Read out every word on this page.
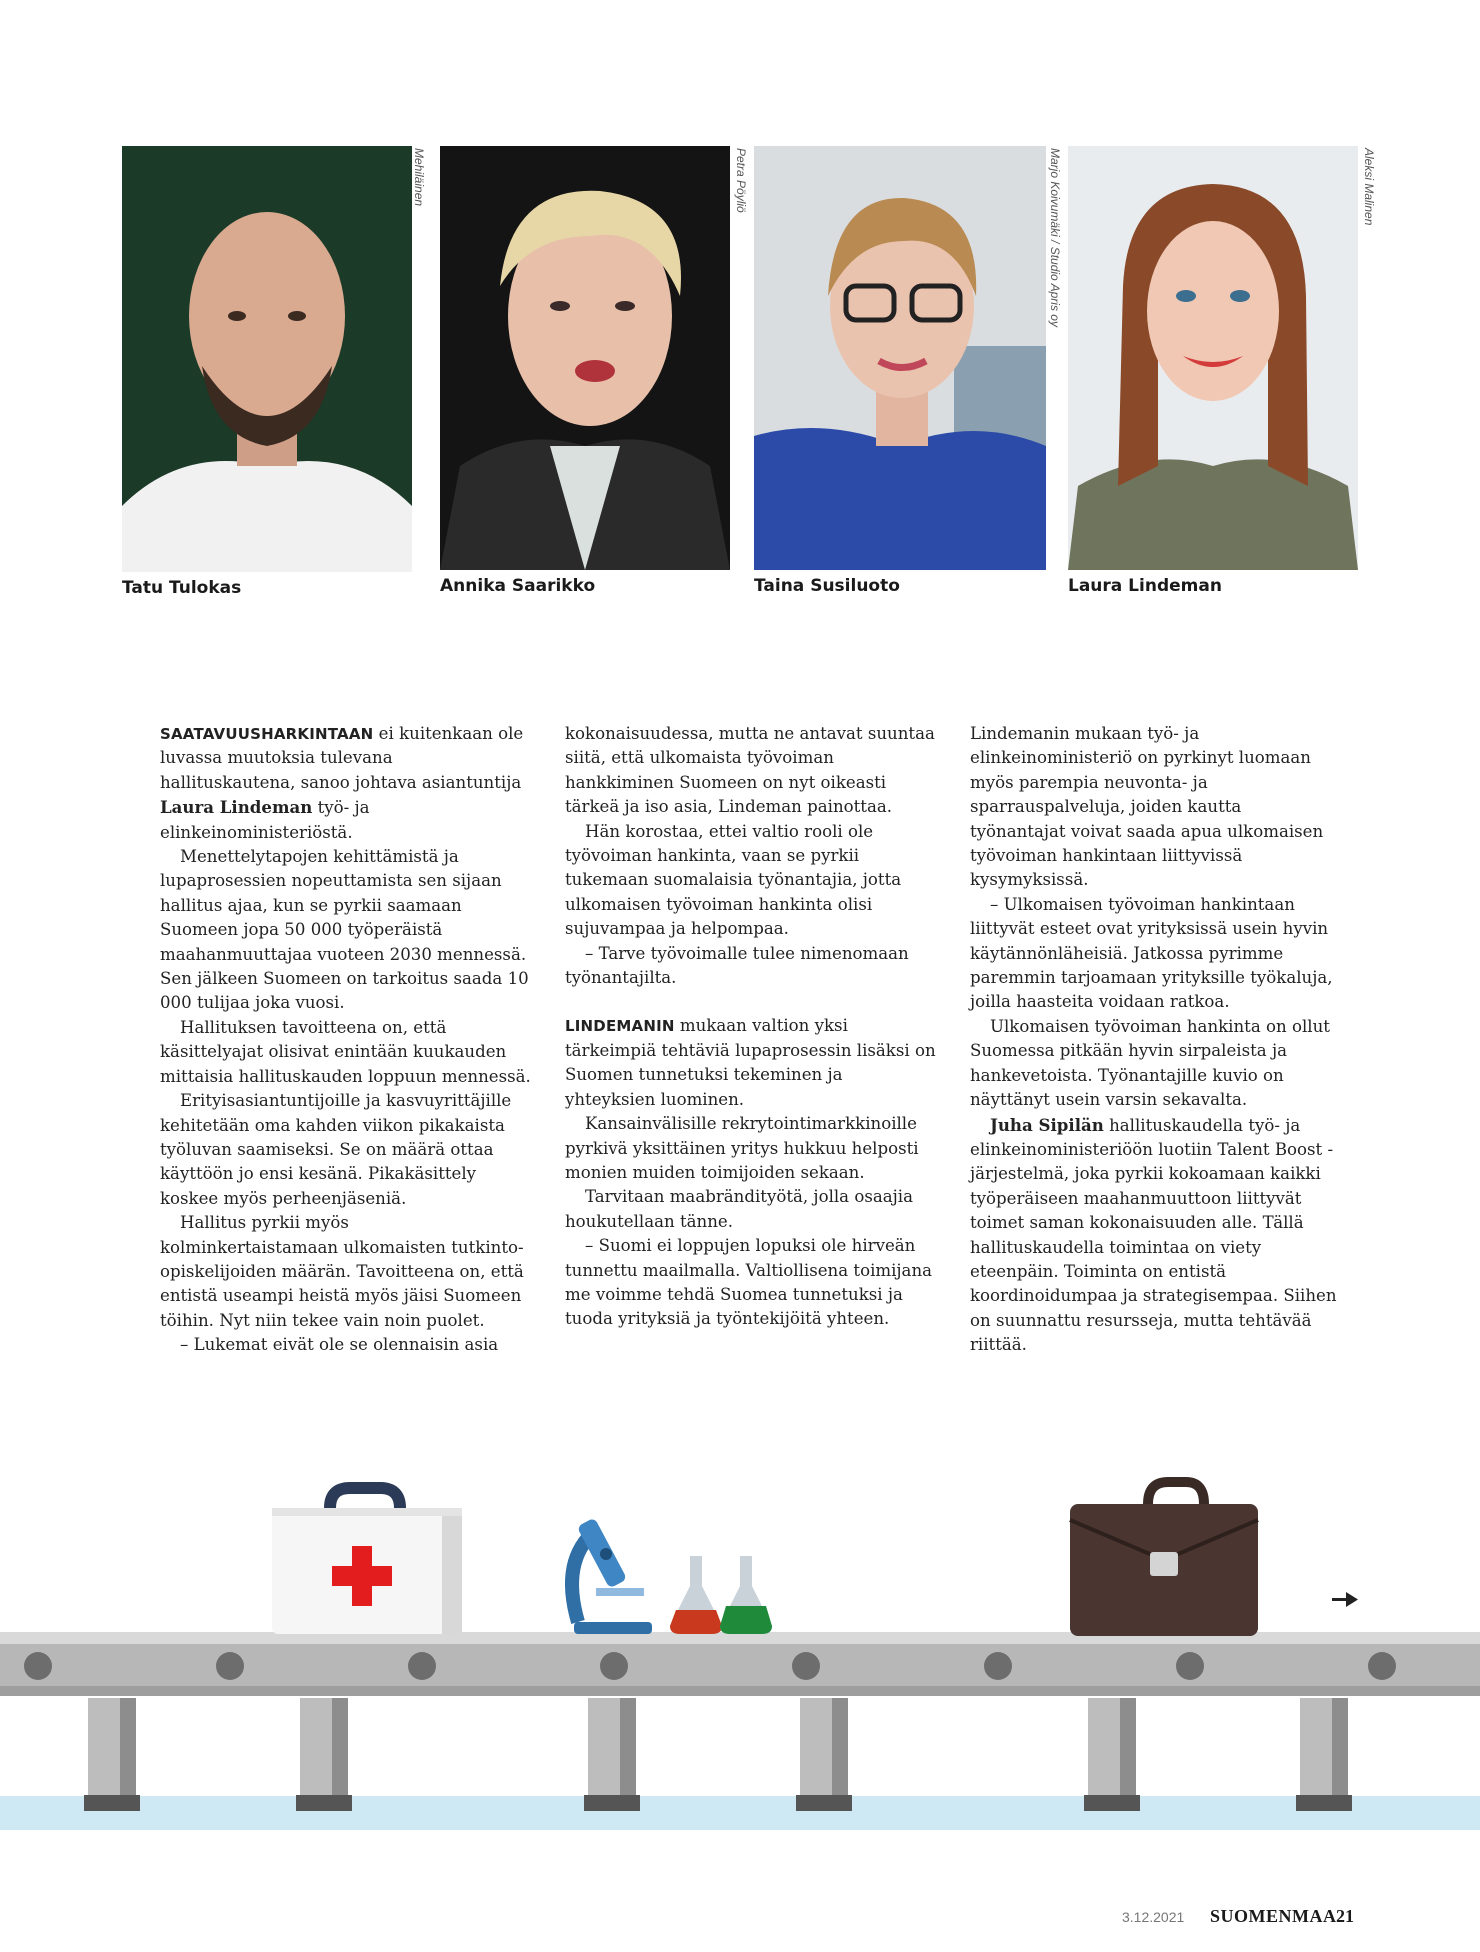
Mehiläinen
Tatu Tulokas
Petra Pöyliö
Annika Saarikko
Marjo Koivumäki / Studio Apris oy
Taina Susiluoto
Aleksi Malinen
Laura Lindeman

SAATAVUUSHARKINTAAN ei kuitenkaan ole luvassa muutoksia tulevana hallituskautena, sanoo johtava asiantuntija Laura Lindeman työ- ja elinkeinoministeriöstä.

Menettelytapojen kehittämistä ja lupaprosessien nopeuttamista sen sijaan hallitus ajaa, kun se pyrkii saamaan Suomeen jopa 50 000 työperäistä maahanmuuttajaa vuoteen 2030 mennessä. Sen jälkeen Suomeen on tarkoitus saada 10 000 tulijaa joka vuosi.

Hallituksen tavoitteena on, että käsittelyajat olisivat enintään kuukauden mittaisia hallituskauden loppuun mennessä.

Erityisasiantuntijoille ja kasvuyrittäjille kehitetään oma kahden viikon pikakaista työluvan saamiseksi. Se on määrä ottaa käyttöön jo ensi kesänä. Pikakäsittely koskee myös perheenjäseniä.

Hallitus pyrkii myös kolminkertaistamaan ulkomaisten tutkinto-opiskelijoiden määrän. Tavoitteena on, että entistä useampi heistä myös jäisi Suomeen töihin. Nyt niin tekee vain noin puolet.

– Lukemat eivät ole se olennaisin asia

kokonaisuudessa, mutta ne antavat suuntaa siitä, että ulkomaista työvoiman hankkiminen Suomeen on nyt oikeasti tärkeä ja iso asia, Lindeman painottaa.

Hän korostaa, ettei valtio rooli ole työvoiman hankinta, vaan se pyrkii tukemaan suomalaisia työnantajia, jotta ulkomaisen työvoiman hankinta olisi sujuvampaa ja helpompaa.

– Tarve työvoimalle tulee nimenomaan työnantajilta.

LINDEMANIN mukaan valtion yksi tärkeimpiä tehtäviä lupaprosessin lisäksi on Suomen tunnetuksi tekeminen ja yhteyksien luominen.

Kansainvälisille rekrytointimarkkinoille pyrkivä yksittäinen yritys hukkuu helposti monien muiden toimijoiden sekaan.

Tarvitaan maabrändityötä, jolla osaajia houkutellaan tänne.

– Suomi ei loppujen lopuksi ole hirveän tunnettu maailmalla. Valtiollisena toimijana me voimme tehdä Suomea tunnetuksi ja tuoda yrityksiä ja työntekijöitä yhteen.

Lindemanin mukaan työ- ja elinkeinoministeriö on pyrkinyt luomaan myös parempia neuvonta- ja sparrauspalveluja, joiden kautta työnantajat voivat saada apua ulkomaisen työvoiman hankintaan liittyvissä kysymyksissä.

– Ulkomaisen työvoiman hankintaan liittyvät esteet ovat yrityksissä usein hyvin käytännönläheisiä. Jatkossa pyrimme paremmin tarjoamaan yrityksille työkaluja, joilla haasteita voidaan ratkoa.

Ulkomaisen työvoiman hankinta on ollut Suomessa pitkään hyvin sirpaleista ja hankevetoista. Työnantajille kuvio on näyttänyt usein varsin sekavalta.

Juha Sipilän hallituskaudella työ- ja elinkeinoministeriöön luotiin Talent Boost -järjestelmä, joka pyrkii kokoamaan kaikki työperäiseen maahanmuuttoon liittyvät toimet saman kokonaisuuden alle. Tällä hallituskaudella toimintaa on viety eteenpäin. Toiminta on entistä koordinoidumpaa ja strategisempaa. Siihen on suunnattu resursseja, mutta tehtävää riittää.

3.12.2021 SUOMENMAA 21
